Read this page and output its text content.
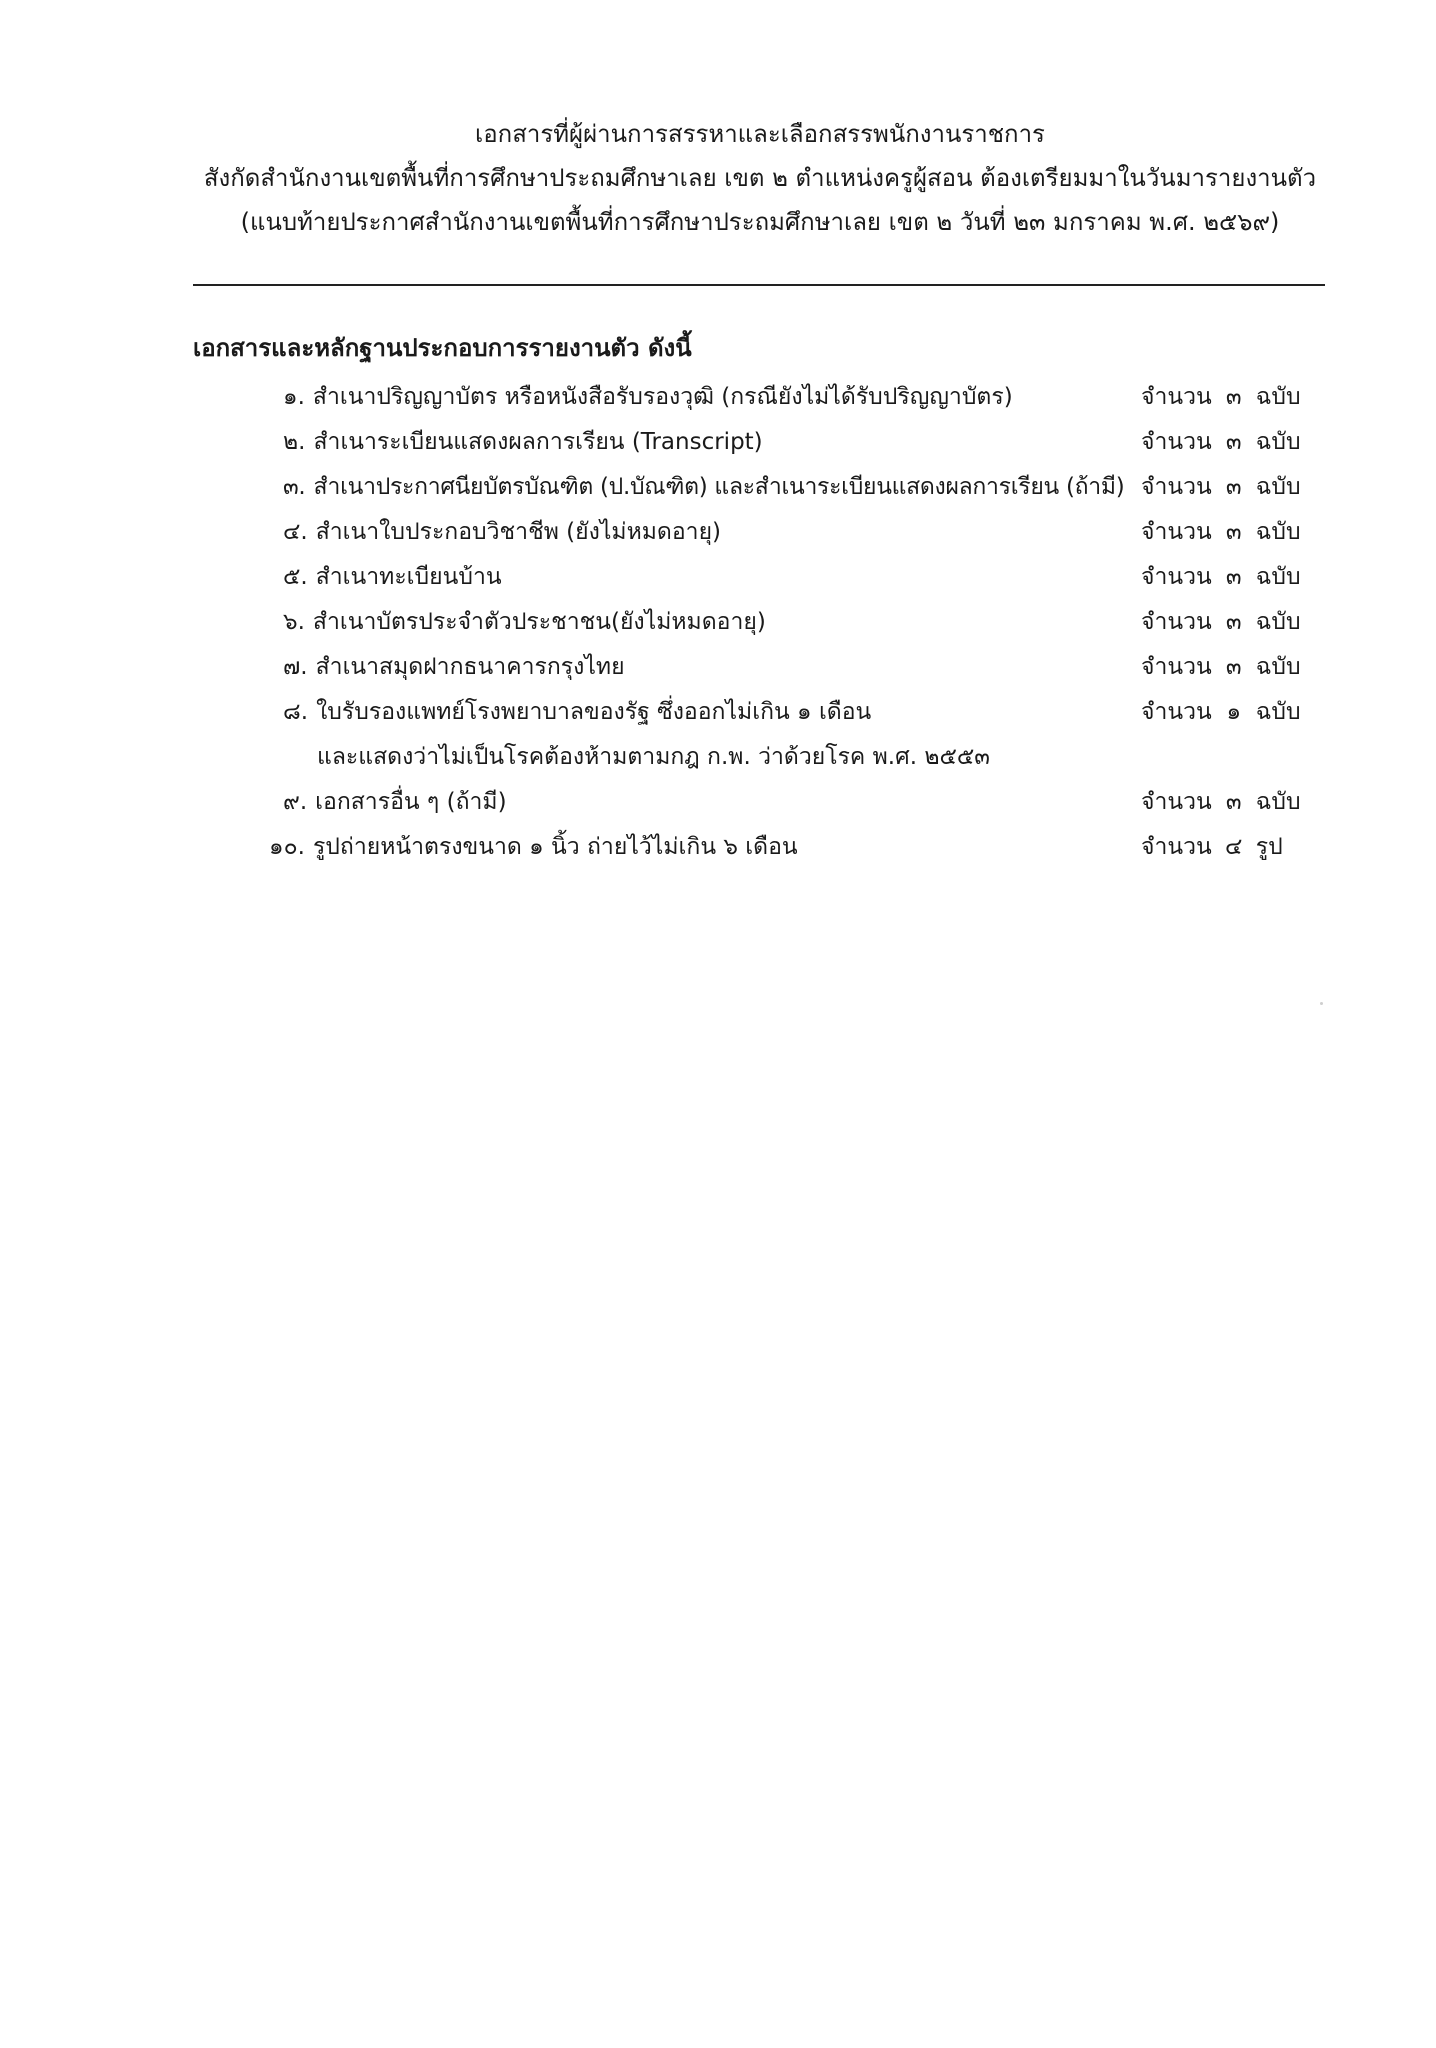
เอกสารที่ผู้ผ่านการสรรหาและเลือกสรรพนักงานราชการ
สังกัดสำนักงานเขตพื้นที่การศึกษาประถมศึกษาเลย เขต ๒ ตำแหน่งครูผู้สอน ต้องเตรียมมาในวันมารายงานตัว
(แนบท้ายประกาศสำนักงานเขตพื้นที่การศึกษาประถมศึกษาเลย เขต ๒ วันที่ ๒๓ มกราคม พ.ศ. ๒๕๖๙)
เอกสารและหลักฐานประกอบการรายงานตัว ดังนี้
๑. สำเนาปริญญาบัตร หรือหนังสือรับรองวุฒิ (กรณียังไม่ได้รับปริญญาบัตร)	จำนวน ๓ ฉบับ
๒. สำเนาระเบียนแสดงผลการเรียน (Transcript)	จำนวน ๓ ฉบับ
๓. สำเนาประกาศนียบัตรบัณฑิต (ป.บัณฑิต) และสำเนาระเบียนแสดงผลการเรียน (ถ้ามี) จำนวน ๓ ฉบับ
๔. สำเนาใบประกอบวิชาชีพ (ยังไม่หมดอายุ)	จำนวน ๓ ฉบับ
๕. สำเนาทะเบียนบ้าน	จำนวน ๓ ฉบับ
๖. สำเนาบัตรประจำตัวประชาชน(ยังไม่หมดอายุ)	จำนวน ๓ ฉบับ
๗. สำเนาสมุดฝากธนาคารกรุงไทย	จำนวน ๓ ฉบับ
๘. ใบรับรองแพทย์โรงพยาบาลของรัฐ ซึ่งออกไม่เกิน ๑ เดือน
และแสดงว่าไม่เป็นโรคต้องห้ามตามกฎ ก.พ. ว่าด้วยโรค พ.ศ. ๒๕๕๓
จำนวน ๑ ฉบับ
๙. เอกสารอื่น ๆ (ถ้ามี)	จำนวน ๓ ฉบับ
๑๐. รูปถ่ายหน้าตรงขนาด ๑ นิ้ว ถ่ายไว้ไม่เกิน ๖ เดือน	จำนวน ๔ รูป
